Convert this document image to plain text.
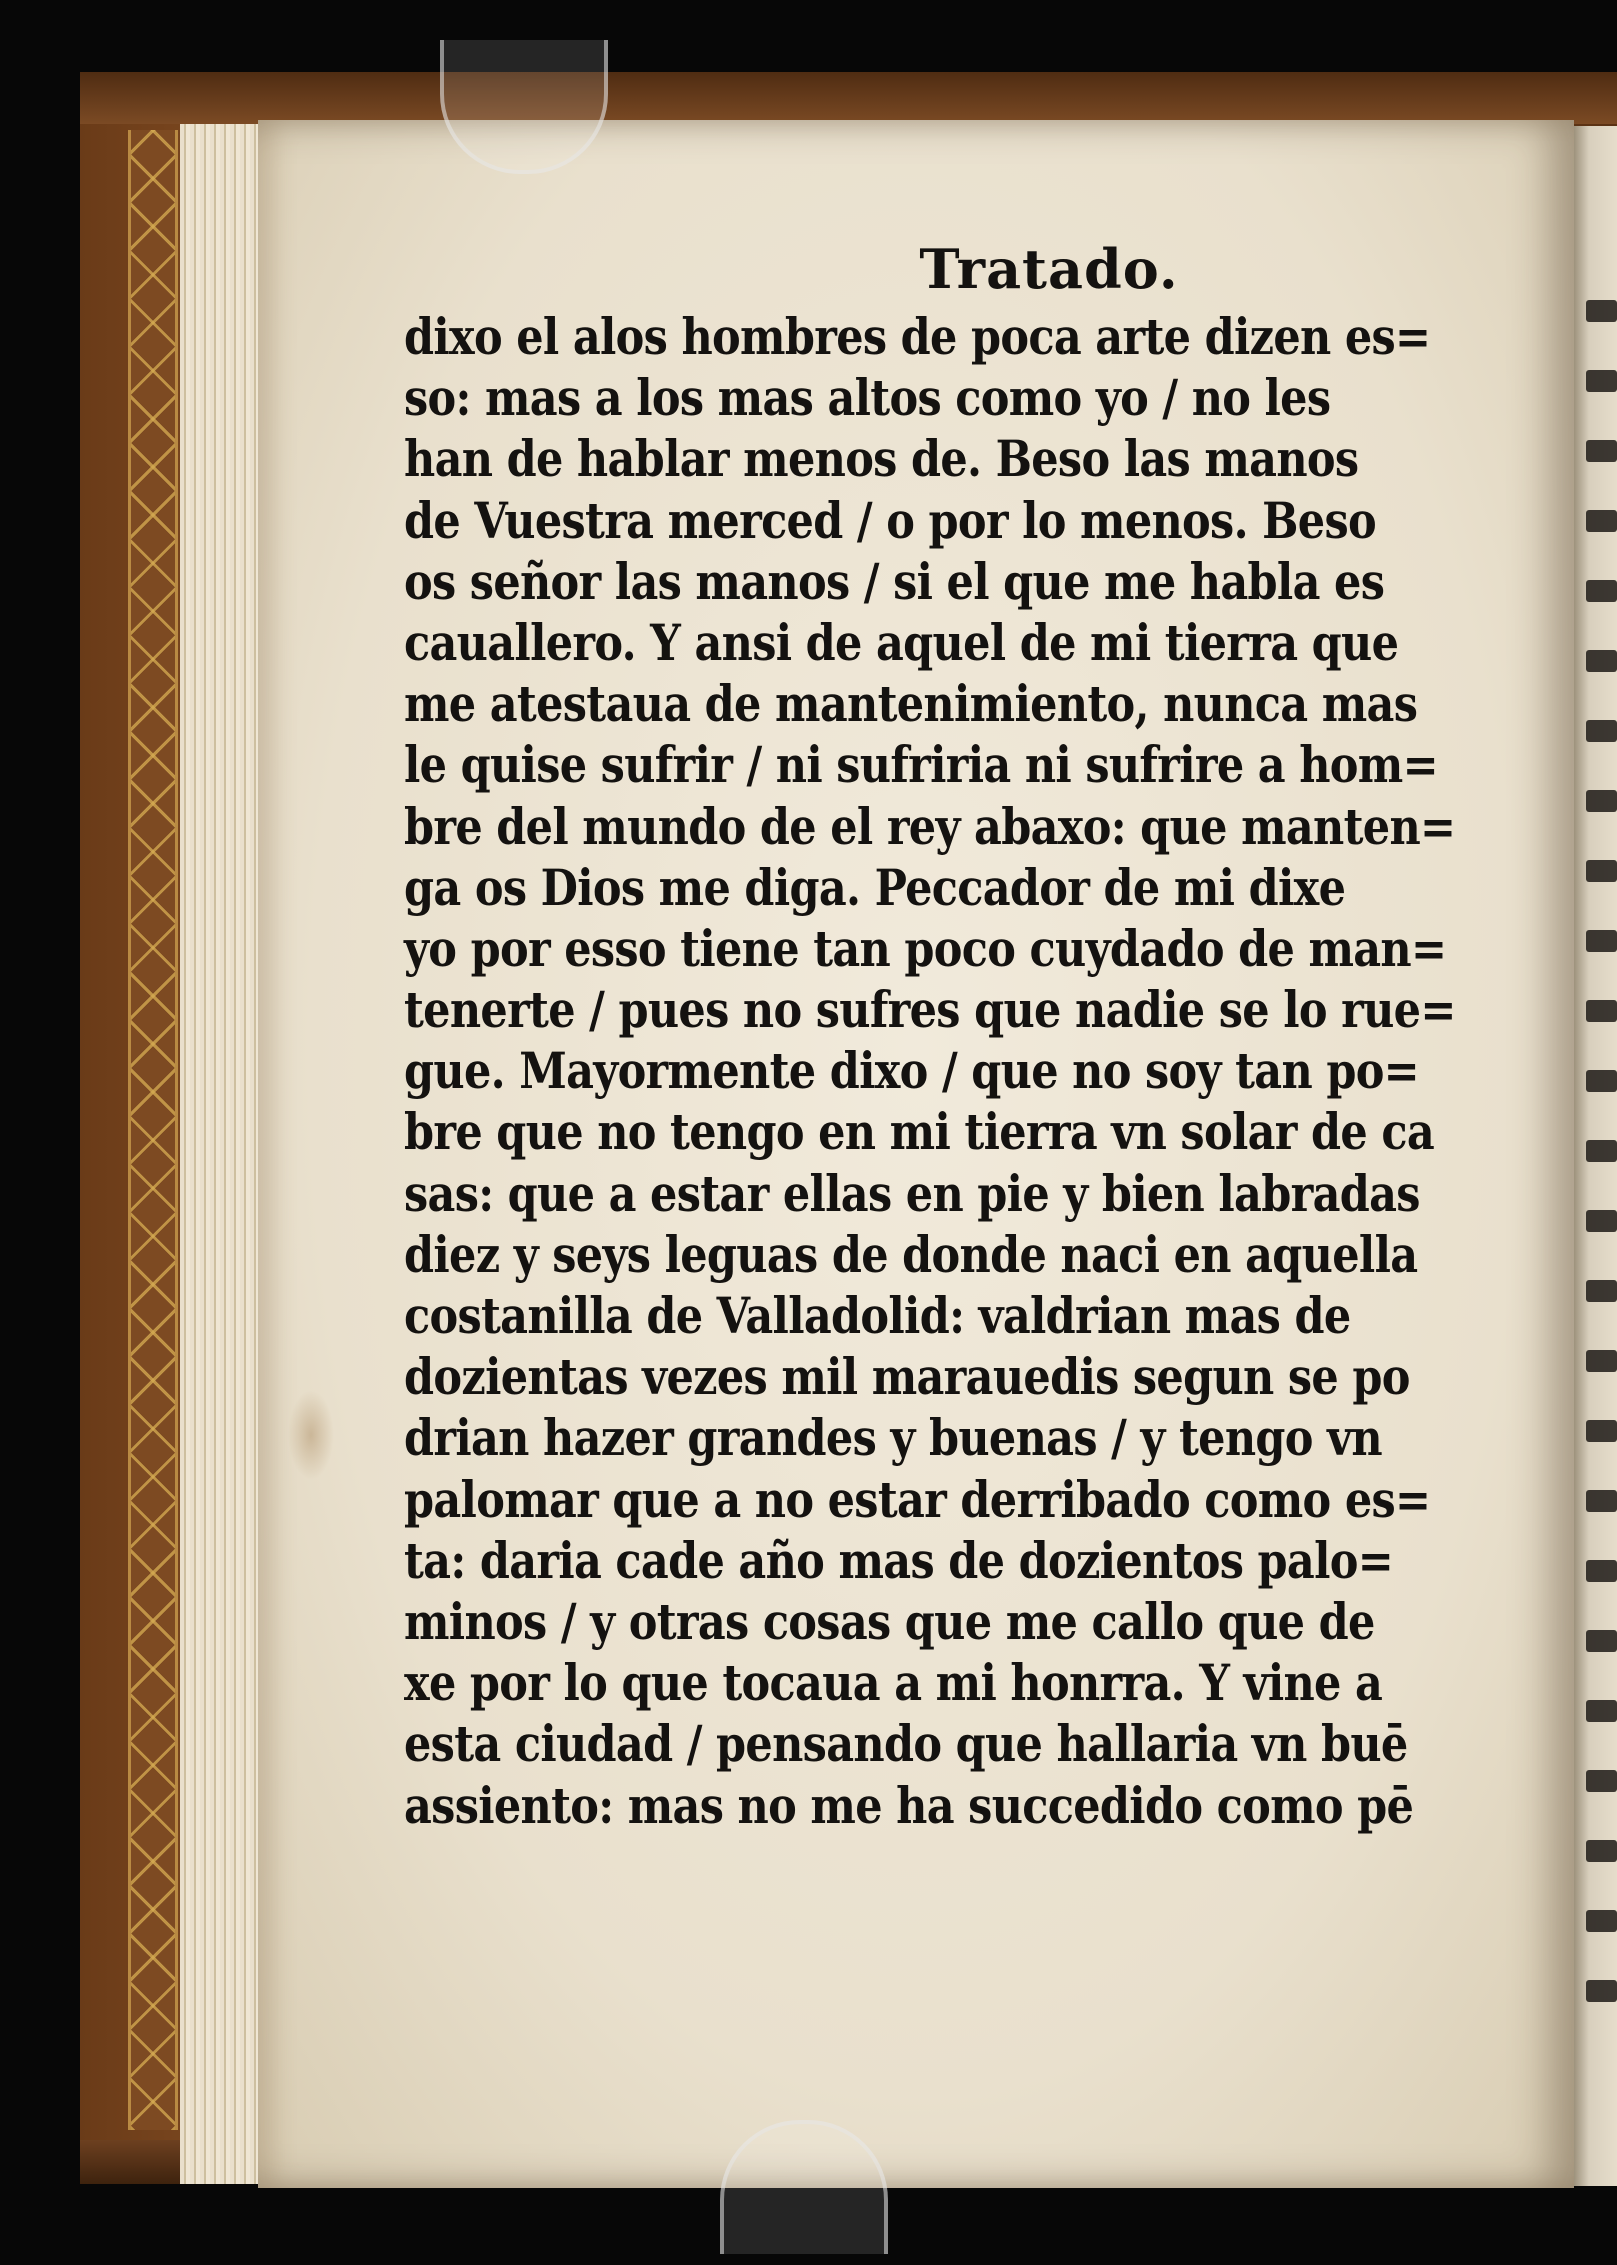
Tratado.
dixo el alos hombres de poca arte dizen es=
so: mas a los mas altos como yo / no les
han de hablar menos de. Beso las manos
de Vuestra merced / o por lo menos. Beso
os señor las manos / si el que me habla es
cauallero. Y ansi de aquel de mi tierra que
me atestaua de mantenimiento, nunca mas
le quise sufrir / ni sufriria ni sufrire a hom=
bre del mundo de el rey abaxo: que manten=
ga os Dios me diga. Peccador de mi dixe
yo por esso tiene tan poco cuydado de man=
tenerte / pues no sufres que nadie se lo rue=
gue. Mayormente dixo / que no soy tan po=
bre que no tengo en mi tierra vn solar de ca
sas: que a estar ellas en pie y bien labradas
diez y seys leguas de donde naci en aquella
costanilla de Valladolid: valdrian mas de
dozientas vezes mil marauedis segun se po
drian hazer grandes y buenas / y tengo vn
palomar que a no estar derribado como es=
ta: daria cade año mas de dozientos palo=
minos / y otras cosas que me callo que de
xe por lo que tocaua a mi honrra. Y vine a
esta ciudad / pensando que hallaria vn buē
assiento: mas no me ha succedido como pē
